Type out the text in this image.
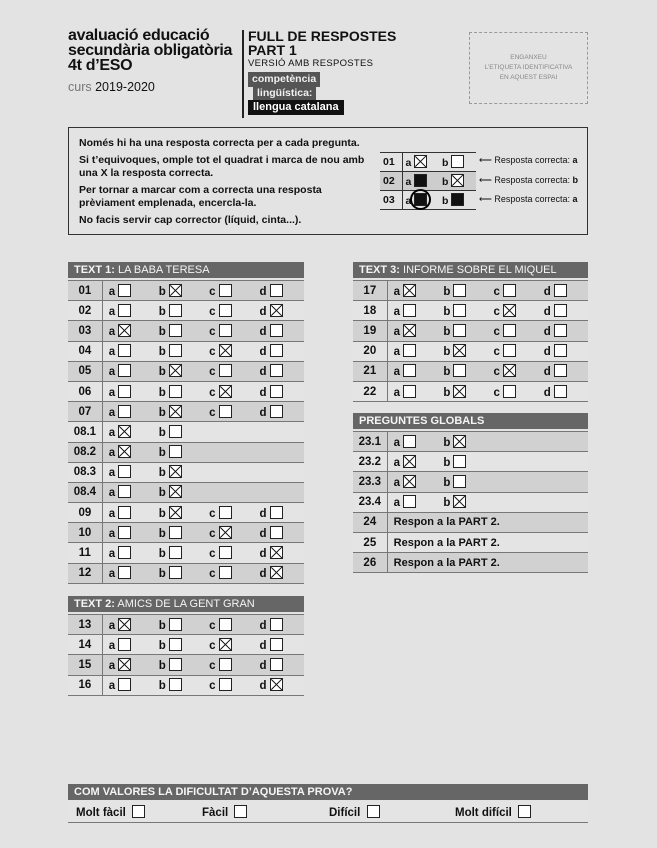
avaluació educació
secundària obligatòria
4t d’ESO
curs 2019-2020
FULL DE RESPOSTES
PART 1
VERSIÓ AMB RESPOSTES
competència
lingüística:
llengua catalana
ENGANXEU
L’ETIQUETA IDENTIFICATIVA
EN AQUEST ESPAI
Només hi ha una resposta correcta per a cada pregunta.
Si t’equivoques, omple tot el quadrat i marca de nou amb
una X la resposta correcta.
Per tornar a marcar com a correcta una resposta
prèviament emplenada, encercla-la.
No facis servir cap corrector (líquid, cinta...).
01	a	b
02	a	b
03	a	b
⟵ Resposta correcta: a
⟵ Resposta correcta: b
⟵ Resposta correcta: a
TEXT 1: LA BABA TERESA
01	a	b	c	d
02	a	b	c	d
03	a	b	c	d
04	a	b	c	d
05	a	b	c	d
06	a	b	c	d
07	a	b	c	d
08.1	a	b		
08.2	a	b		
08.3	a	b		
08.4	a	b		
09	a	b	c	d
10	a	b	c	d
11	a	b	c	d
12	a	b	c	d
TEXT 2: AMICS DE LA GENT GRAN
13	a	b	c	d
14	a	b	c	d
15	a	b	c	d
16	a	b	c	d
TEXT 3: INFORME SOBRE EL MIQUEL
17	a	b	c	d
18	a	b	c	d
19	a	b	c	d
20	a	b	c	d
21	a	b	c	d
22	a	b	c	d
PREGUNTES GLOBALS
23.1	a	b		
23.2	a	b		
23.3	a	b		
23.4	a	b		
24	Respon a la PART 2.			
25	Respon a la PART 2.			
26	Respon a la PART 2.			
COM VALORES LA DIFICULTAT D’AQUESTA PROVA?
Molt fàcil	Fàcil	Difícil	Molt difícil
